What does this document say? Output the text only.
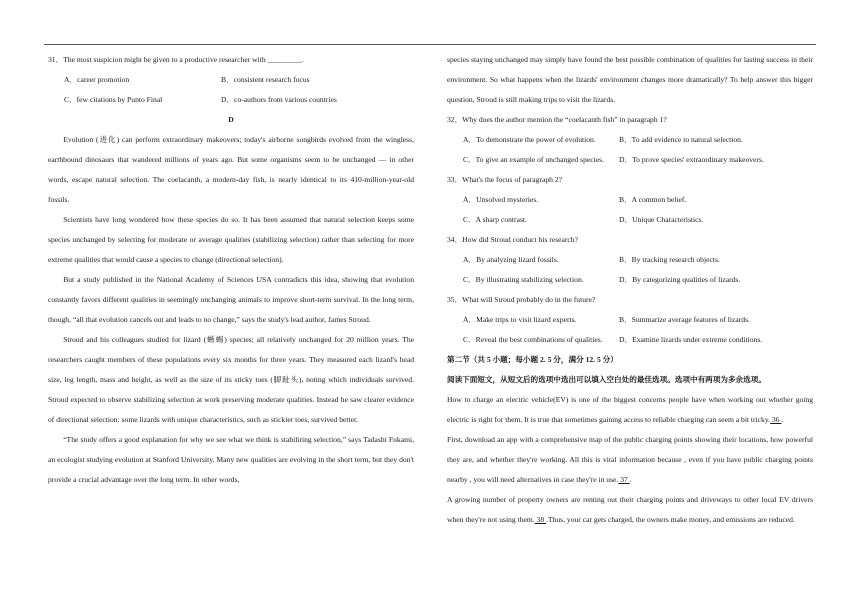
31．The most suspicion might be given to a productive researcher with _________.

A．career promotion	B．consistent research focus
C．few citations by Punto Final	D．co-authors from various countries

D

Evolution (进化) can perform extraordinary makeovers; today's airborne songbirds evolved from the wingless, earthbound dinosaurs that wandered millions of years ago. But some organisms seem to be unchanged — in other words, escape natural selection. The coelacanth, a modern-day fish, is nearly identical to its 410-million-year-old fossils.

Scientists have long wondered how these species do so. It has been assumed that natural selection keeps some species unchanged by selecting for moderate or average qualities (stabilizing selection) rather than selecting for more extreme qualities that would cause a species to change (directional selection).

But a study published in the National Academy of Sciences USA contradicts this idea, showing that evolution constantly favors different qualities in seemingly unchanging animals to improve short-term survival. In the long term, though, “all that evolution cancels out and leads to no change,” says the study's lead author, James Stroud.

Stroud and his colleagues studied for lizard (蜥蜴) species; all relatively unchanged for 20 million years. The researchers caught members of these populations every six months for three years. They measured each lizard's head size, leg length, mass and height, as well as the size of its sticky toes (脚趾头), noting which individuals survived. Stroud expected to observe stabilizing selection at work preserving moderate qualities. Instead he saw clearer evidence of directional selection: some lizards with unique characteristics, such as stickier toes, survived better.

“The study offers a good explanation for why we see what we think is stabiliring selection,” says Tadashi Fukami, an ecologist studying evolution at Stanford University. Many new qualities are evolving in the short term, but they don't provide a crucial advantage over the long term. In other words,

species staying unchanged may simply have found the best possible combination of qualities for lasting success in their environment. So what happens when the lizards' environment changes more dramatically? To help answer this bigger question, Stroud is still making trips to visit the lizards.

32．Why does the author mention the “coelacanth fish” in paragraph 1?

A．To demonstrate the power of evolution.	B．To add evidence to natural selection.
C．To give an example of unchanged species.	D．To prove species' extraordinary makeovers.

33．What's the focus of paragraph 2?

A．Unsolved mysteries.	B．A common belief.
C．A sharp contrast.	D．Unique Characteristics.

34．How did Stroud conduct his research?

A．By analyzing lizard fossils.	B．By tracking research objects.
C．By illustrating stabilizing selection.	D．By categorizing qualities of lizards.

35．What will Stroud probably do in the future?

A．Make trips to visit lizard experts.	B．Summarize average features of lizards.
C．Reveal the best combinations of qualities.	D．Examine lizards under extreme conditions.

第二节（共 5 小题；每小题 2. 5 分，满分 12. 5 分）

阅读下面短文，从短文后的选项中选出可以填入空白处的最佳选项。选项中有两项为多余选项。

How to charge an electric vehicle(EV) is one of the biggest concerns people have when working out whether going electric is right for them. It is true that sometimes gaining access to reliable charging can seem a bit tricky. 36 .

First, download an app with a comprehensive map of the public charging points showing their locations, how powerful they are, and whether they're working. All this is vital information because , even if you have public charging points nearby , you will need alternatives in case they're in use. 37 .

A growing number of property owners are renting out their charging points and driveways to other local EV drivers when they're not using them. 38 .Thus, your car gets charged, the owners make money, and emissions are reduced.
